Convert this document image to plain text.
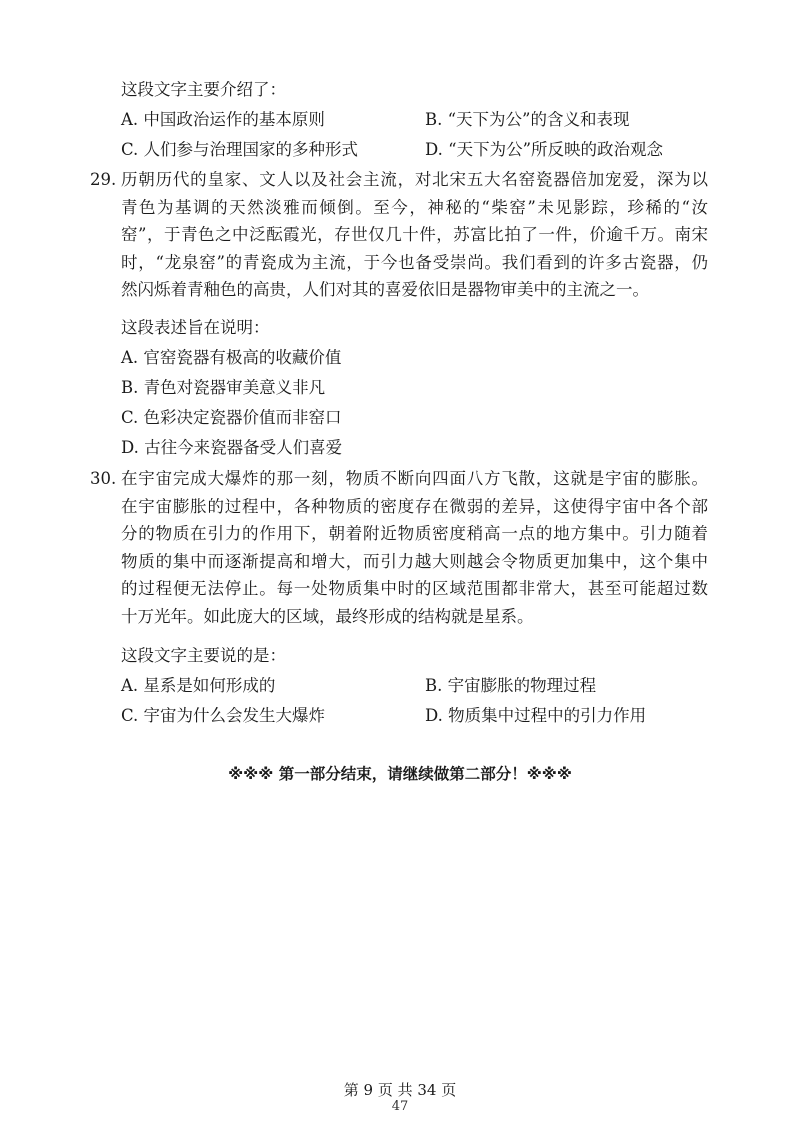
这段文字主要介绍了：
A. 中国政治运作的基本原则	B. “天下为公”的含义和表现
C. 人们参与治理国家的多种形式	D. “天下为公”所反映的政治观念
29. 历朝历代的皇家、文人以及社会主流，对北宋五大名窑瓷器倍加宠爱，深为以
青色为基调的天然淡雅而倾倒。至今，神秘的“柴窑”未见影踪，珍稀的“汝
窑”，于青色之中泛酝霞光，存世仅几十件，苏富比拍了一件，价逾千万。南宋
时，“龙泉窑”的青瓷成为主流，于今也备受崇尚。我们看到的许多古瓷器，仍
然闪烁着青釉色的高贵，人们对其的喜爱依旧是器物审美中的主流之一。
这段表述旨在说明：
A. 官窑瓷器有极高的收藏价值
B. 青色对瓷器审美意义非凡
C. 色彩决定瓷器价值而非窑口
D. 古往今来瓷器备受人们喜爱
30. 在宇宙完成大爆炸的那一刻，物质不断向四面八方飞散，这就是宇宙的膨胀。
在宇宙膨胀的过程中，各种物质的密度存在微弱的差异，这使得宇宙中各个部
分的物质在引力的作用下，朝着附近物质密度稍高一点的地方集中。引力随着
物质的集中而逐渐提高和增大，而引力越大则越会令物质更加集中，这个集中
的过程便无法停止。每一处物质集中时的区域范围都非常大，甚至可能超过数
十万光年。如此庞大的区域，最终形成的结构就是星系。
这段文字主要说的是：
A. 星系是如何形成的	B. 宇宙膨胀的物理过程
C. 宇宙为什么会发生大爆炸	D. 物质集中过程中的引力作用
※※※ 第一部分结束，请继续做第二部分！※※※
第 9 页 共 34 页
47
